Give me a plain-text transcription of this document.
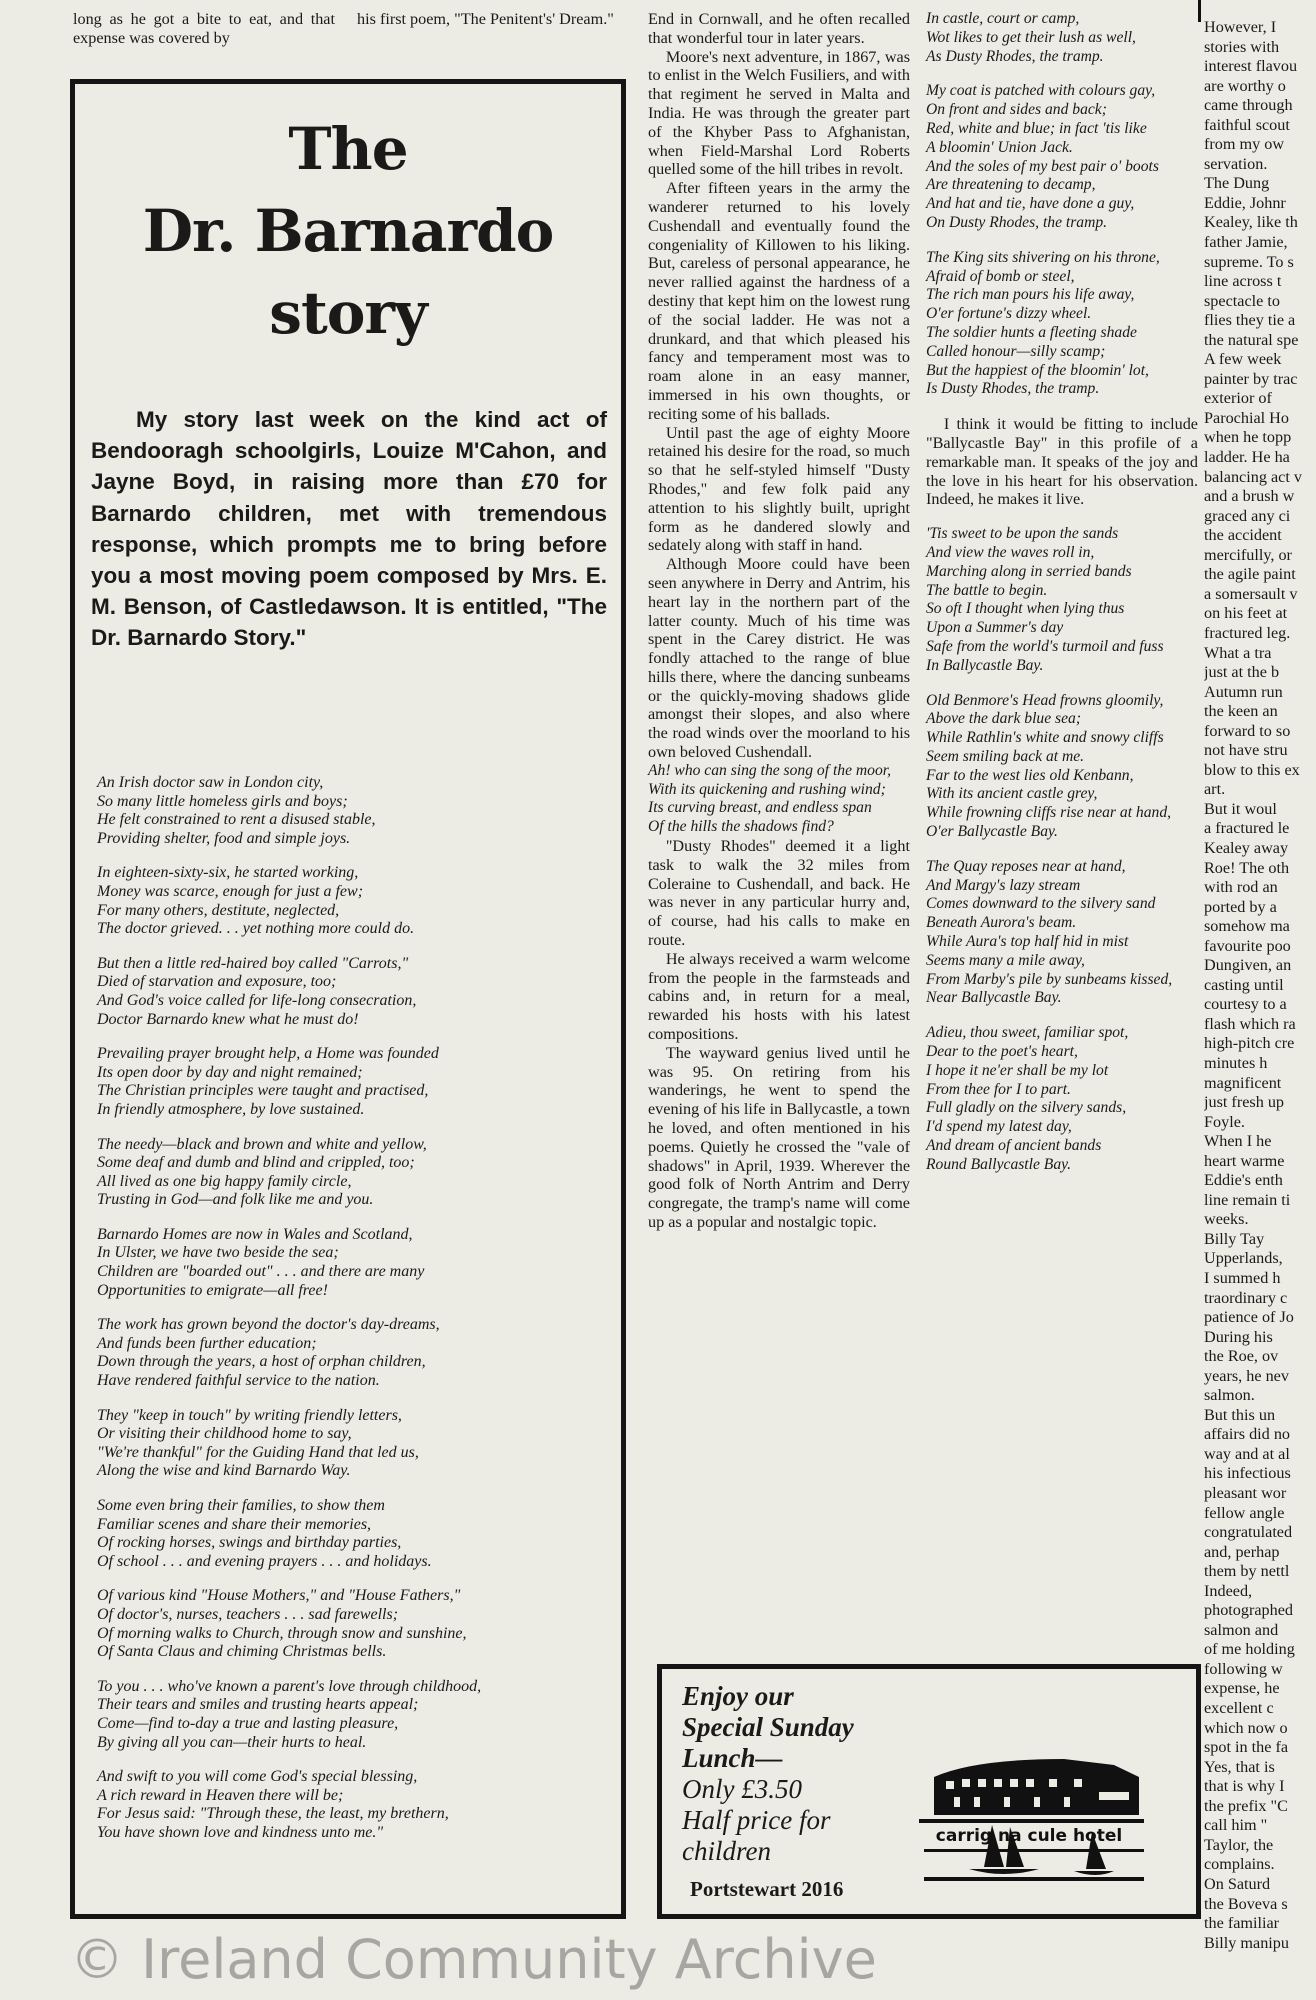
long as he got a bite to eat, and that expense was covered by

his first poem, "The Penitent's' Dream."

The
Dr. Barnardo
story
My story last week on the kind act of Bendooragh schoolgirls, Louize M'Cahon, and Jayne Boyd, in raising more than £70 for Barnardo children, met with tremendous response, which prompts me to bring before you a most moving poem composed by Mrs. E. M. Benson, of Castledawson. It is entitled, "The Dr. Barnardo Story."
An Irish doctor saw in London city,
So many little homeless girls and boys;
He felt constrained to rent a disused stable,
Providing shelter, food and simple joys.
In eighteen-sixty-six, he started working,
Money was scarce, enough for just a few;
For many others, destitute, neglected,
The doctor grieved. . . yet nothing more could do.
But then a little red-haired boy called "Carrots,"
Died of starvation and exposure, too;
And God's voice called for life-long consecration,
Doctor Barnardo knew what he must do!
Prevailing prayer brought help, a Home was founded
Its open door by day and night remained;
The Christian principles were taught and practised,
In friendly atmosphere, by love sustained.
The needy—black and brown and white and yellow,
Some deaf and dumb and blind and crippled, too;
All lived as one big happy family circle,
Trusting in God—and folk like me and you.
Barnardo Homes are now in Wales and Scotland,
In Ulster, we have two beside the sea;
Children are "boarded out" . . . and there are many
Opportunities to emigrate—all free!
The work has grown beyond the doctor's day-dreams,
And funds been further education;
Down through the years, a host of orphan children,
Have rendered faithful service to the nation.
They "keep in touch" by writing friendly letters,
Or visiting their childhood home to say,
"We're thankful" for the Guiding Hand that led us,
Along the wise and kind Barnardo Way.
Some even bring their families, to show them
Familiar scenes and share their memories,
Of rocking horses, swings and birthday parties,
Of school . . . and evening prayers . . . and holidays.
Of various kind "House Mothers," and "House Fathers,"
Of doctor's, nurses, teachers . . . sad farewells;
Of morning walks to Church, through snow and sunshine,
Of Santa Claus and chiming Christmas bells.
To you . . . who've known a parent's love through childhood,
Their tears and smiles and trusting hearts appeal;
Come—find to-day a true and lasting pleasure,
By giving all you can—their hurts to heal.
And swift to you will come God's special blessing,
A rich reward in Heaven there will be;
For Jesus said: "Through these, the least, my brethern,
You have shown love and kindness unto me."

End in Cornwall, and he often recalled that wonderful tour in later years.

Moore's next adventure, in 1867, was to enlist in the Welch Fusiliers, and with that regiment he served in Malta and India. He was through the greater part of the Khyber Pass to Afghanistan, when Field-Marshal Lord Roberts quelled some of the hill tribes in revolt.

After fifteen years in the army the wanderer returned to his lovely Cushendall and eventually found the congeniality of Killowen to his liking. But, careless of personal appearance, he never rallied against the hardness of a destiny that kept him on the lowest rung of the social ladder. He was not a drunkard, and that which pleased his fancy and temperament most was to roam alone in an easy manner, immersed in his own thoughts, or reciting some of his ballads.

Until past the age of eighty Moore retained his desire for the road, so much so that he self-styled himself "Dusty Rhodes," and few folk paid any attention to his slightly built, upright form as he dandered slowly and sedately along with staff in hand.

Although Moore could have been seen anywhere in Derry and Antrim, his heart lay in the northern part of the latter county. Much of his time was spent in the Carey district. He was fondly attached to the range of blue hills there, where the dancing sunbeams or the quickly-moving shadows glide amongst their slopes, and also where the road winds over the moorland to his own beloved Cushendall.

Ah! who can sing the song of the moor,
With its quickening and rushing wind;
Its curving breast, and endless span
Of the hills the shadows find?

"Dusty Rhodes" deemed it a light task to walk the 32 miles from Coleraine to Cushendall, and back. He was never in any particular hurry and, of course, had his calls to make en route.

He always received a warm welcome from the people in the farmsteads and cabins and, in return for a meal, rewarded his hosts with his latest compositions.

The wayward genius lived until he was 95. On retiring from his wanderings, he went to spend the evening of his life in Ballycastle, a town he loved, and often mentioned in his poems. Quietly he crossed the "vale of shadows" in April, 1939. Wherever the good folk of North Antrim and Derry congregate, the tramp's name will come up as a popular and nostalgic topic.

In castle, court or camp,
Wot likes to get their lush as well,
As Dusty Rhodes, the tramp.
My coat is patched with colours gay,
On front and sides and back;
Red, white and blue; in fact 'tis like
A bloomin' Union Jack.
And the soles of my best pair o' boots
Are threatening to decamp,
And hat and tie, have done a guy,
On Dusty Rhodes, the tramp.
The King sits shivering on his throne,
Afraid of bomb or steel,
The rich man pours his life away,
O'er fortune's dizzy wheel.
The soldier hunts a fleeting shade
Called honour—silly scamp;
But the happiest of the bloomin' lot,
Is Dusty Rhodes, the tramp.

I think it would be fitting to include "Ballycastle Bay" in this profile of a remarkable man. It speaks of the joy and the love in his heart for his observation. Indeed, he makes it live.

'Tis sweet to be upon the sands
And view the waves roll in,
Marching along in serried bands
The battle to begin.
So oft I thought when lying thus
Upon a Summer's day
Safe from the world's turmoil and fuss
In Ballycastle Bay.
Old Benmore's Head frowns gloomily,
Above the dark blue sea;
While Rathlin's white and snowy cliffs
Seem smiling back at me.
Far to the west lies old Kenbann,
With its ancient castle grey,
While frowning cliffs rise near at hand,
O'er Ballycastle Bay.
The Quay reposes near at hand,
And Margy's lazy stream
Comes downward to the silvery sand
Beneath Aurora's beam.
While Aura's top half hid in mist
Seems many a mile away,
From Marby's pile by sunbeams kissed,
Near Ballycastle Bay.
Adieu, thou sweet, familiar spot,
Dear to the poet's heart,
I hope it ne'er shall be my lot
From thee for I to part.
Full gladly on the silvery sands,
I'd spend my latest day,
And dream of ancient bands
Round Ballycastle Bay.
However, I
stories with
interest flavou
are worthy o
came through
faithful scout
from my ow
servation.
The Dung
Eddie, Johnr
Kealey, like th
father Jamie,
supreme. To s
line across t
spectacle to
flies they tie a
the natural spe
A few week
painter by trac
exterior of
Parochial Ho
when he topp
ladder. He ha
balancing act v
and a brush w
graced any ci
the accident
mercifully, or
the agile paint
a somersault v
on his feet at
fractured leg.
What a tra
just at the b
Autumn run
the keen an
forward to so
not have stru
blow to this ex
art.
But it woul
a fractured le
Kealey away
Roe! The oth
with rod an
ported by a
somehow ma
favourite poo
Dungiven, an
casting until
courtesy to a
flash which ra
high-pitch cre
minutes h
magnificent
just fresh up
Foyle.
When I he
heart warme
Eddie's enth
line remain ti
weeks.
Billy Tay
Upperlands,
I summed h
traordinary c
patience of Jo
During his
the Roe, ov
years, he nev
salmon.
But this un
affairs did no
way and at al
his infectious
pleasant wor
fellow angle
congratulated
and, perhap
them by nettl
Indeed,
photographed
salmon and
of me holding
following w
expense, he
excellent c
which now o
spot in the fa
Yes, that is
that is why I
the prefix "C
call him "
Taylor, the
complains.
On Saturd
the Boveva s
the familiar
Billy manipu
Enjoy our
Special Sunday
Lunch—
Only £3.50
Half price for
children	carrig na cule hotel
Portstewart 2016
© Ireland Community Archive
